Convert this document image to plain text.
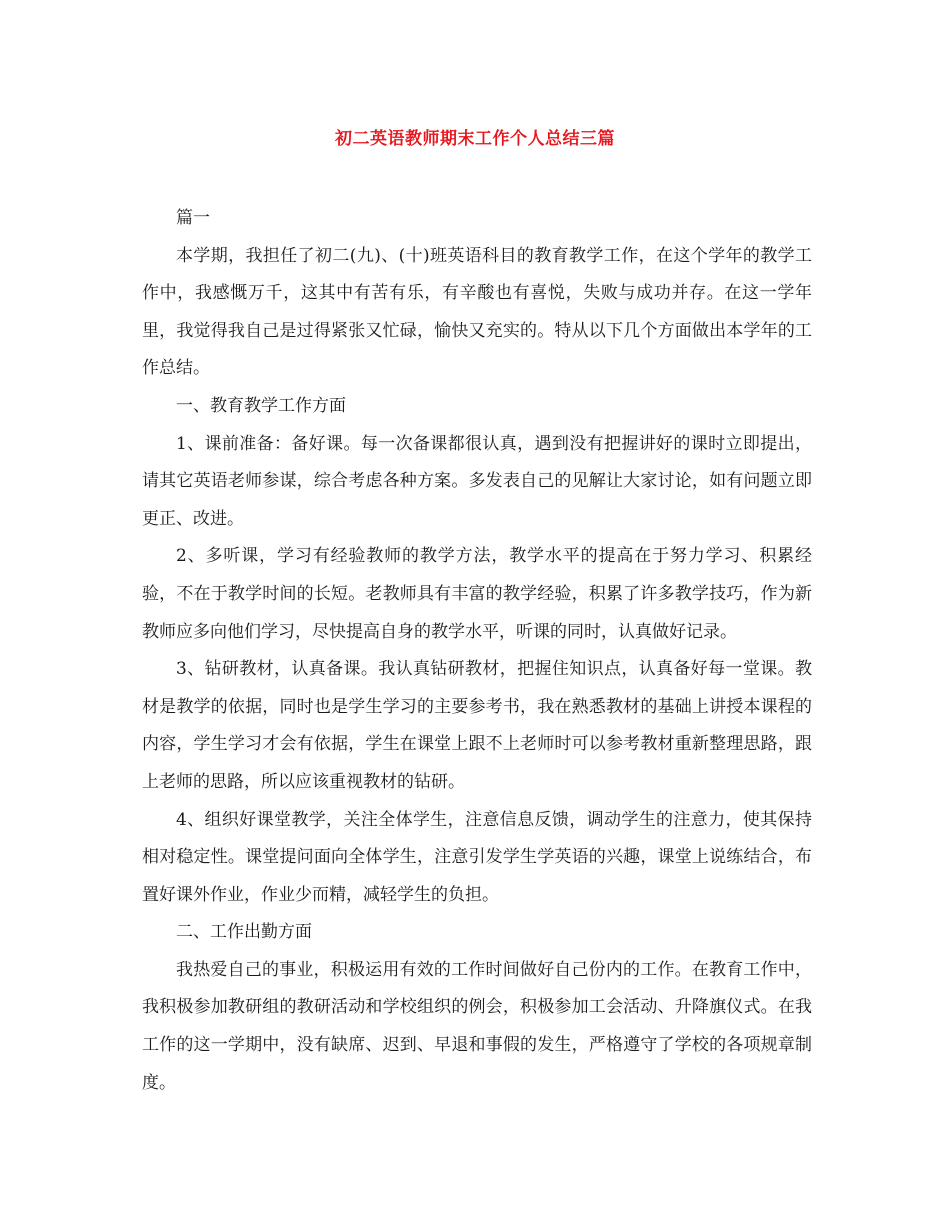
初二英语教师期末工作个人总结三篇

篇一

本学期，我担任了初二(九)、(十)班英语科目的教育教学工作，在这个学年的教学工作中，我感慨万千，这其中有苦有乐，有辛酸也有喜悦，失败与成功并存。在这一学年里，我觉得我自己是过得紧张又忙碌，愉快又充实的。特从以下几个方面做出本学年的工作总结。

一、教育教学工作方面

1、课前准备：备好课。每一次备课都很认真，遇到没有把握讲好的课时立即提出，请其它英语老师参谋，综合考虑各种方案。多发表自己的见解让大家讨论，如有问题立即更正、改进。

2、多听课，学习有经验教师的教学方法，教学水平的提高在于努力学习、积累经验，不在于教学时间的长短。老教师具有丰富的教学经验，积累了许多教学技巧，作为新教师应多向他们学习，尽快提高自身的教学水平，听课的同时，认真做好记录。

3、钻研教材，认真备课。我认真钻研教材，把握住知识点，认真备好每一堂课。教材是教学的依据，同时也是学生学习的主要参考书，我在熟悉教材的基础上讲授本课程的内容，学生学习才会有依据，学生在课堂上跟不上老师时可以参考教材重新整理思路，跟上老师的思路，所以应该重视教材的钻研。

4、组织好课堂教学，关注全体学生，注意信息反馈，调动学生的注意力，使其保持相对稳定性。课堂提问面向全体学生，注意引发学生学英语的兴趣，课堂上说练结合，布置好课外作业，作业少而精，减轻学生的负担。

二、工作出勤方面

我热爱自己的事业，积极运用有效的工作时间做好自己份内的工作。在教育工作中，我积极参加教研组的教研活动和学校组织的例会，积极参加工会活动、升降旗仪式。在我工作的这一学期中，没有缺席、迟到、早退和事假的发生，严格遵守了学校的各项规章制度。
